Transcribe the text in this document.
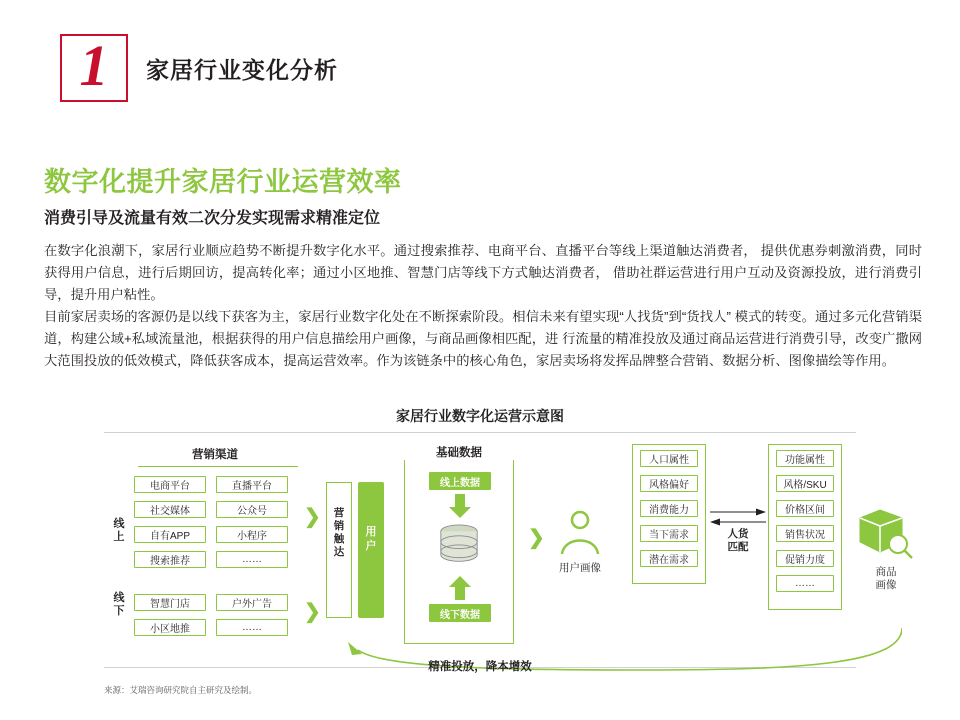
1 家居行业变化分析
数字化提升家居行业运营效率
消费引导及流量有效二次分发实现需求精准定位
在数字化浪潮下，家居行业顺应趋势不断提升数字化水平。通过搜索推荐、电商平台、直播平台等线上渠道触达消费者， 提供优惠券刺激消费，同时获得用户信息，进行后期回访，提高转化率；通过小区地推、智慧门店等线下方式触达消费者， 借助社群运营进行用户互动及资源投放，进行消费引导，提升用户粘性。
目前家居卖场的客源仍是以线下获客为主，家居行业数字化处在不断探索阶段。相信未来有望实现“人找货”到“货找人” 模式的转变。通过多元化营销渠道，构建公域+私域流量池，根据获得的用户信息描绘用户画像，与商品画像相匹配，进 行流量的精准投放及通过商品运营进行消费引导，改变广撒网大范围投放的低效模式，降低获客成本，提高运营效率。作为该链条中的核心角色，家居卖场将发挥品牌整合营销、数据分析、图像描绘等作用。
家居行业数字化运营示意图
营销渠道
线上
线下
电商平台	直播平台
社交媒体	公众号
自有APP	小程序
搜索推荐	……
智慧门店	户外广告
小区地推	……
❯
❯
营
销
触
达
用
户
基础数据
线上数据
线下数据
❯
用户画像
人口属性
风格偏好
消费能力
当下需求
潜在需求
人货
匹配
功能属性
风格/SKU
价格区间
销售状况
促销力度
……
商品
画像
精准投放，降本增效
来源：艾瑞咨询研究院自主研究及绘制。
